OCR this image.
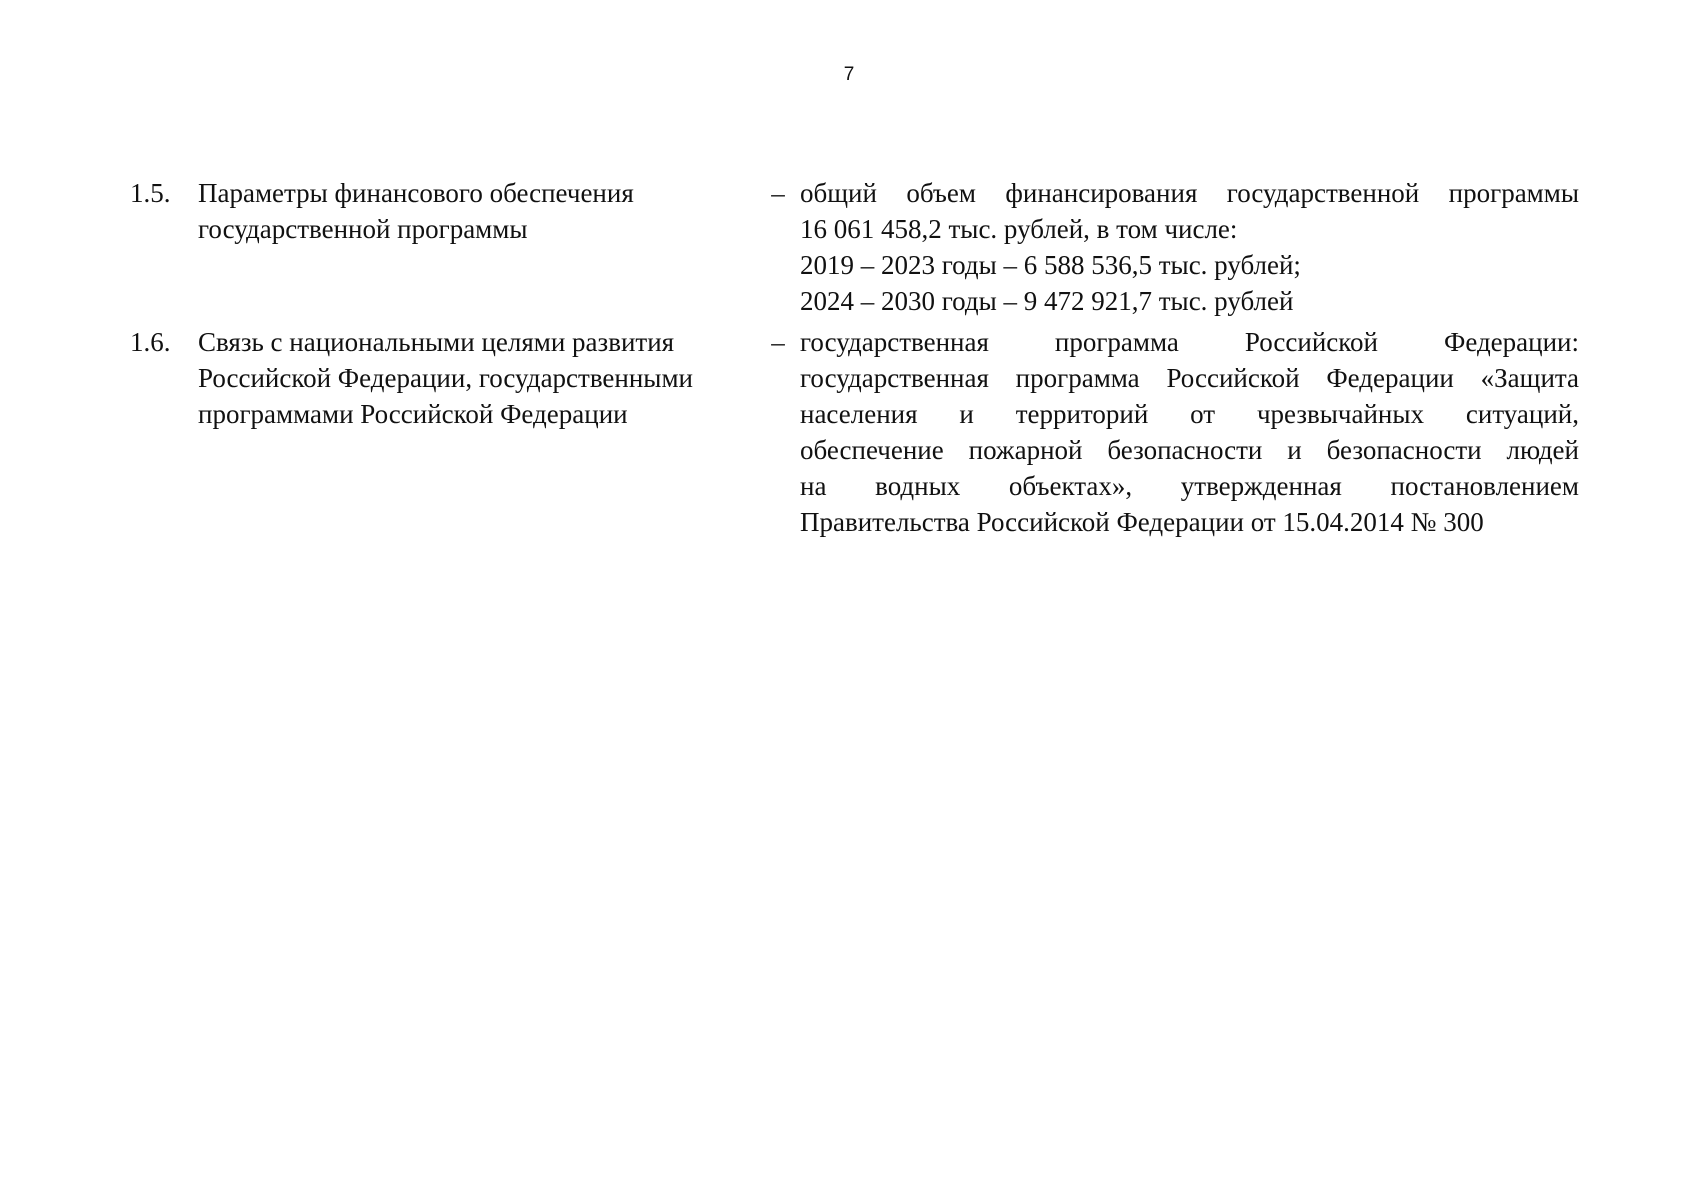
7
1.5.	Параметры финансового обеспечения
государственной программы
– общий объем финансирования государственной программы
16 061 458,2 тыс. рублей, в том числе:
2019 – 2023 годы – 6 588 536,5 тыс. рублей;
2024 – 2030 годы – 9 472 921,7 тыс. рублей
1.6.	Связь с национальными целями развития
Российской Федерации, государственными
программами Российской Федерации
– государственная программа Российской Федерации:
государственная программа Российской Федерации «Защита
населения и территорий от чрезвычайных ситуаций,
обеспечение пожарной безопасности и безопасности людей
на водных объектах», утвержденная постановлением
Правительства Российской Федерации от 15.04.2014 № 300
